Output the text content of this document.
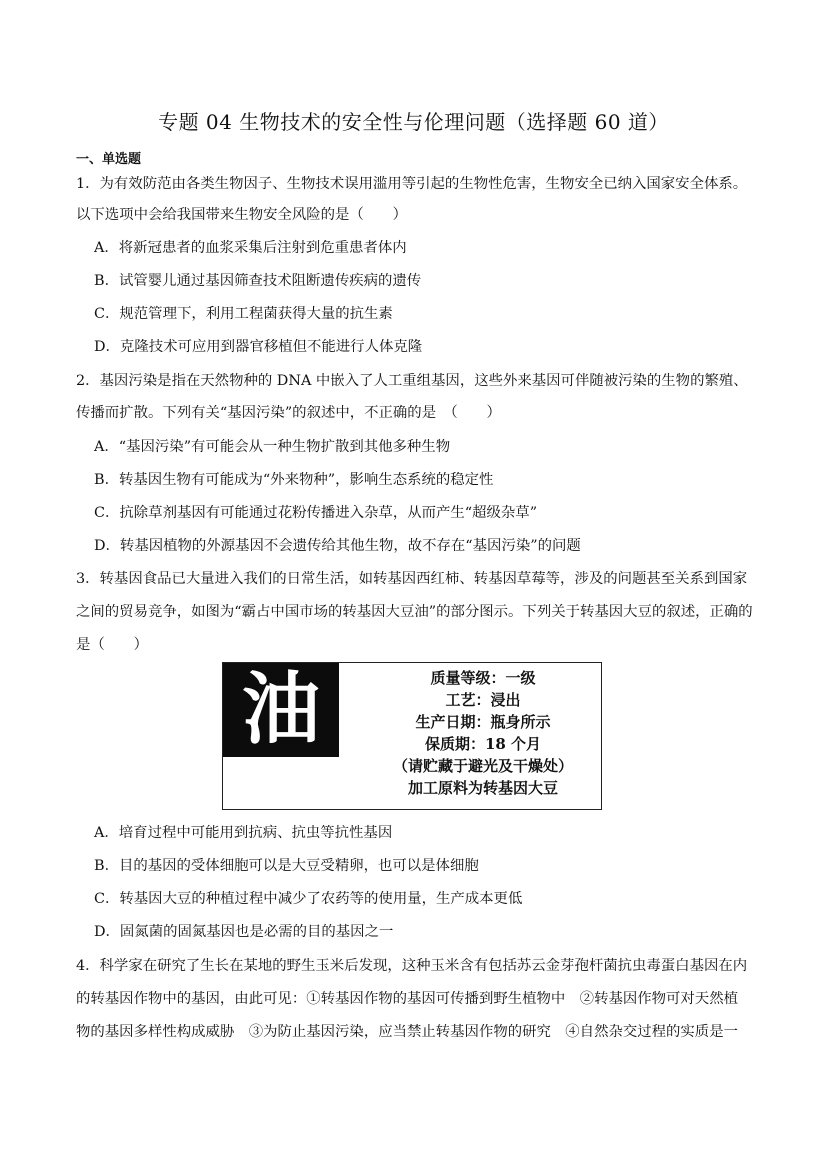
专题 04 生物技术的安全性与伦理问题（选择题 60 道）
一、单选题
1．为有效防范由各类生物因子、生物技术误用滥用等引起的生物性危害，生物安全已纳入国家安全体系。
以下选项中会给我国带来生物安全风险的是（　　）
A．将新冠患者的血浆采集后注射到危重患者体内
B．试管婴儿通过基因筛查技术阻断遗传疾病的遗传
C．规范管理下，利用工程菌获得大量的抗生素
D．克隆技术可应用到器官移植但不能进行人体克隆
2．基因污染是指在天然物种的 DNA 中嵌入了人工重组基因，这些外来基因可伴随被污染的生物的繁殖、
传播而扩散。下列有关“基因污染”的叙述中，不正确的是　（　　）
A．“基因污染”有可能会从一种生物扩散到其他多种生物
B．转基因生物有可能成为“外来物种”，影响生态系统的稳定性
C．抗除草剂基因有可能通过花粉传播进入杂草，从而产生“超级杂草”
D．转基因植物的外源基因不会遗传给其他生物，故不存在“基因污染”的问题
3．转基因食品已大量进入我们的日常生活，如转基因西红柿、转基因草莓等，涉及的问题甚至关系到国家
之间的贸易竞争，如图为“霸占中国市场的转基因大豆油”的部分图示。下列关于转基因大豆的叙述，正确的
是（　　）
油	质量等级：一级
工艺：浸出
生产日期：瓶身所示
保质期：18 个月
（请贮藏于避光及干燥处）
加工原料为转基因大豆
A．培育过程中可能用到抗病、抗虫等抗性基因
B．目的基因的受体细胞可以是大豆受精卵，也可以是体细胞
C．转基因大豆的种植过程中减少了农药等的使用量，生产成本更低
D．固氮菌的固氮基因也是必需的目的基因之一
4．科学家在研究了生长在某地的野生玉米后发现，这种玉米含有包括苏云金芽孢杆菌抗虫毒蛋白基因在内
的转基因作物中的基因，由此可见：①转基因作物的基因可传播到野生植物中　②转基因作物可对天然植
物的基因多样性构成威胁　③为防止基因污染，应当禁止转基因作物的研究　④自然杂交过程的实质是一
